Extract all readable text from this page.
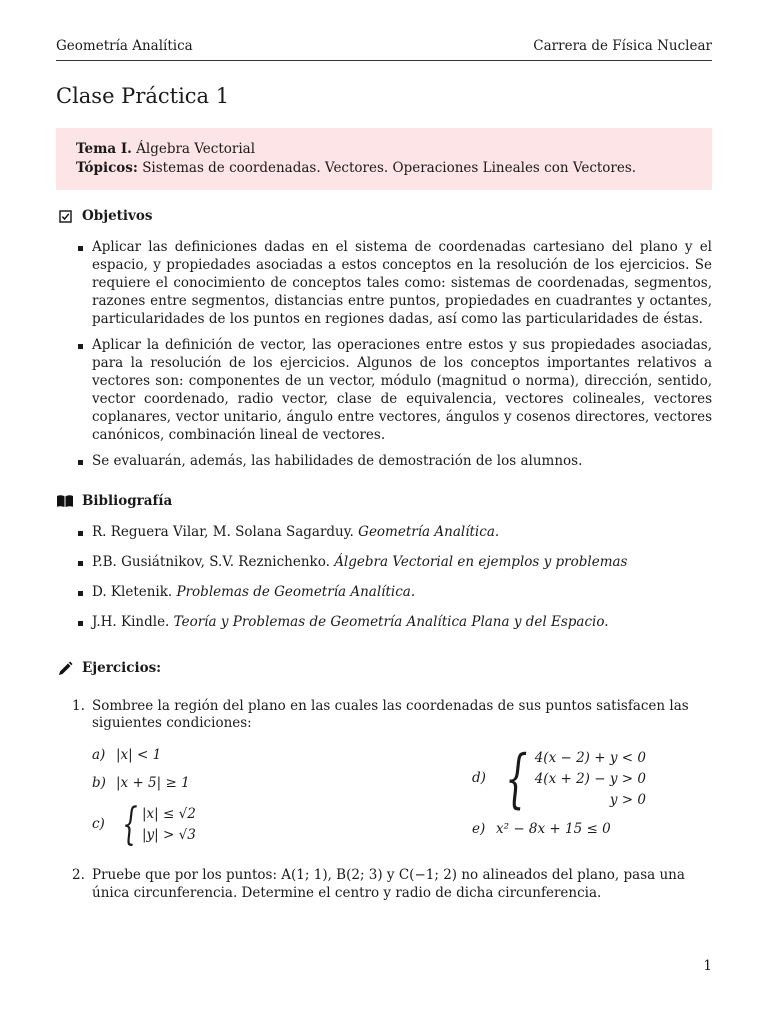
Geometría Analítica	Carrera de Física Nuclear
Clase Práctica 1
Tema I. Álgebra Vectorial
Tópicos: Sistemas de coordenadas. Vectores. Operaciones Lineales con Vectores.
Objetivos
Aplicar las definiciones dadas en el sistema de coordenadas cartesiano del plano y el espacio, y propiedades asociadas a estos conceptos en la resolución de los ejercicios. Se requiere el conocimiento de conceptos tales como: sistemas de coordenadas, segmentos, razones entre segmentos, distancias entre puntos, propiedades en cuadrantes y octantes, particularidades de los puntos en regiones dadas, así como las particularidades de éstas.
Aplicar la definición de vector, las operaciones entre estos y sus propiedades asociadas, para la resolución de los ejercicios. Algunos de los conceptos importantes relativos a vectores son: componentes de un vector, módulo (magnitud o norma), dirección, sentido, vector coordenado, radio vector, clase de equivalencia, vectores colineales, vectores coplanares, vector unitario, ángulo entre vectores, ángulos y cosenos directores, vectores canónicos, combinación lineal de vectores.
Se evaluarán, además, las habilidades de demostración de los alumnos.
Bibliografía
R. Reguera Vilar, M. Solana Sagarduy. Geometría Analítica.
P.B. Gusiátnikov, S.V. Reznichenko. Álgebra Vectorial en ejemplos y problemas
D. Kletenik. Problemas de Geometría Analítica.
J.H. Kindle. Teoría y Problemas de Geometría Analítica Plana y del Espacio.
Ejercicios:
1. Sombree la región del plano en las cuales las coordenadas de sus puntos satisfacen las siguientes condiciones:
a) |x| < 1
b) |x + 5| ≥ 1
c) { |x| ≤ √2
|y| > √3
d) { 4(x − 2) + y < 0
4(x + 2) − y > 0
y > 0
e) x² − 8x + 15 ≤ 0
2. Pruebe que por los puntos: A(1; 1), B(2; 3) y C(−1; 2) no alineados del plano, pasa una única circunferencia. Determine el centro y radio de dicha circunferencia.
1
